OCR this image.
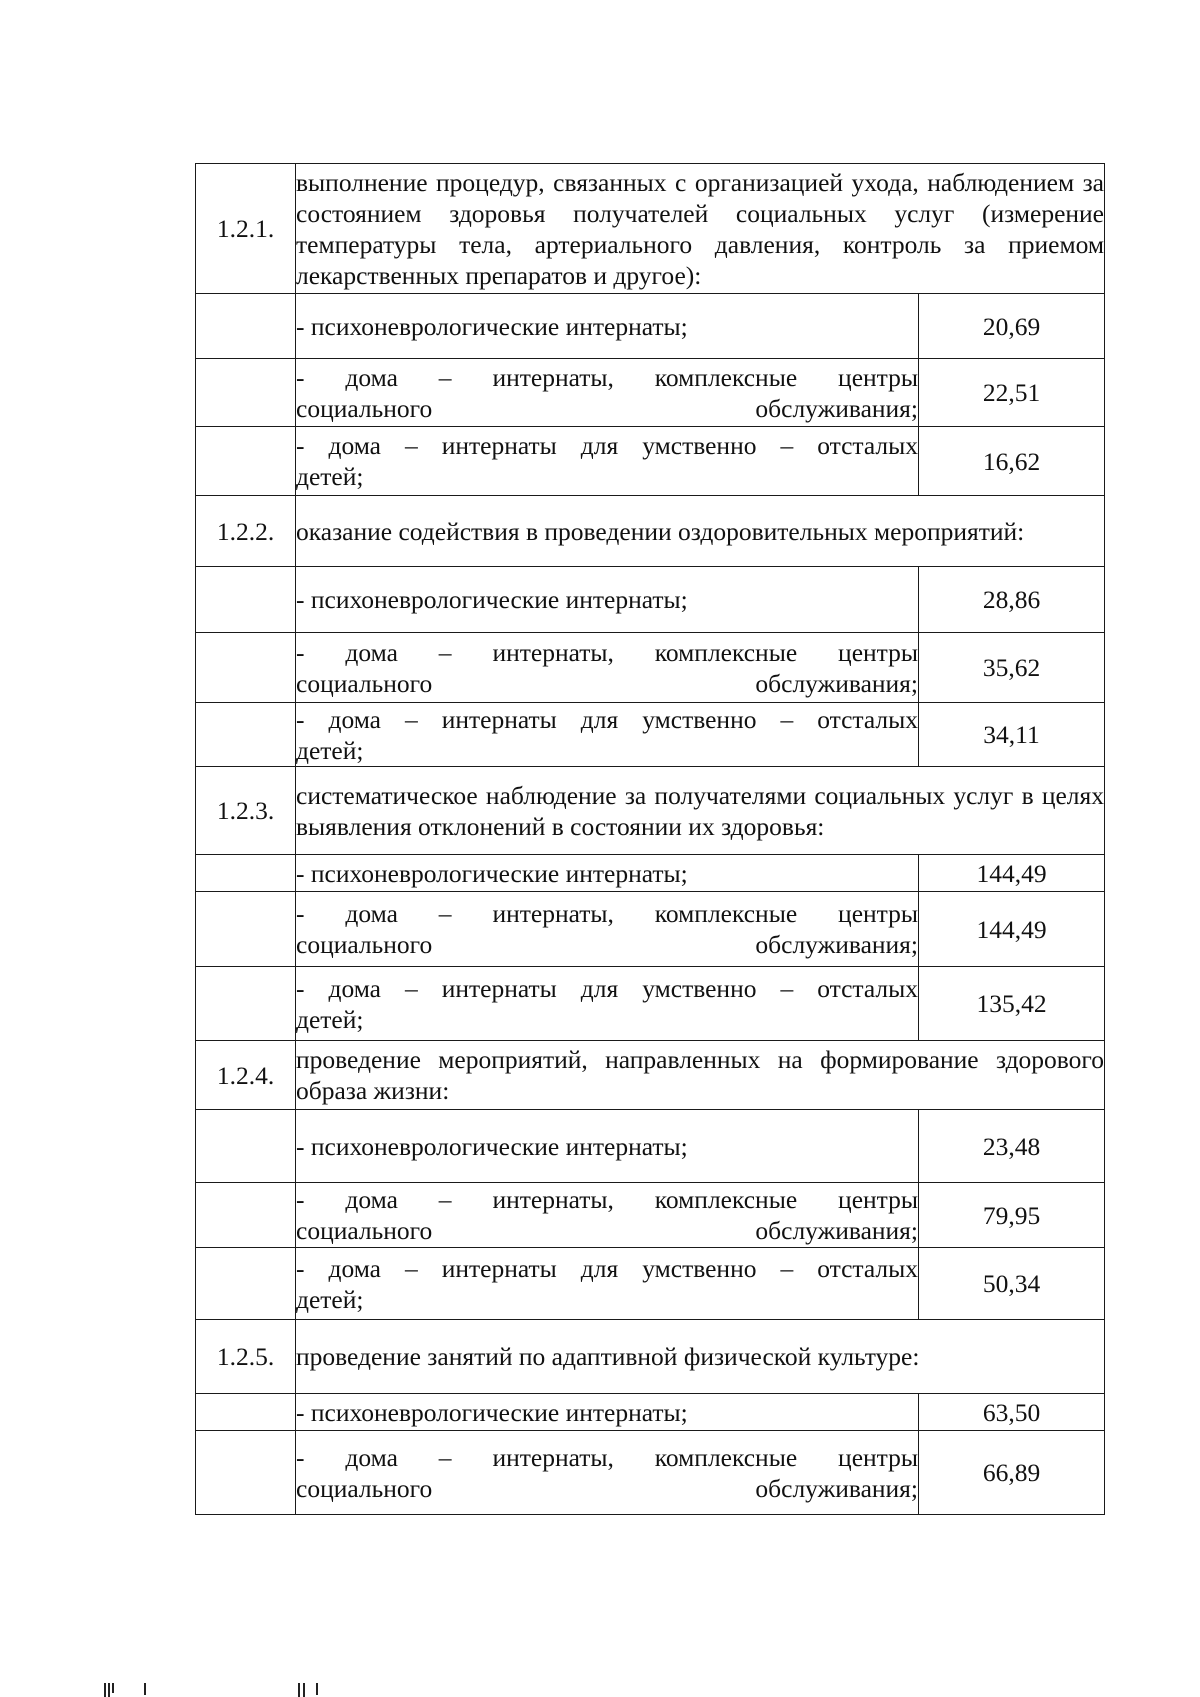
1.2.1.	выполнение процедур, связанных с организацией ухода, наблюдением за состоянием здоровья получателей социальных услуг (измерение температуры тела, артериального давления, контроль за приемом лекарственных препаратов и другое):	
	- психоневрологические интернаты;	20,69

	- дома – интернаты, комплексные центры
социального обслуживания;	22,51

	- дома – интернаты для умственно – отсталых
детей;	16,62
1.2.2.	оказание содействия в проведении оздоровительных мероприятий:	
	- психоневрологические интернаты;	28,86

	- дома – интернаты, комплексные центры
социального обслуживания;	35,62

	- дома – интернаты для умственно – отсталых
детей;	34,11
1.2.3.	систематическое наблюдение за получателями социальных услуг в целях выявления отклонений в состоянии их здоровья:	
	- психоневрологические интернаты;	144,49

	- дома – интернаты, комплексные центры
социального обслуживания;	144,49

	- дома – интернаты для умственно – отсталых
детей;	135,42
1.2.4.	проведение мероприятий, направленных на формирование здорового образа жизни:	
	- психоневрологические интернаты;	23,48

	- дома – интернаты, комплексные центры
социального обслуживания;	79,95

	- дома – интернаты для умственно – отсталых
детей;	50,34
1.2.5.	проведение занятий по адаптивной физической культуре:	
	- психоневрологические интернаты;	63,50

	- дома – интернаты, комплексные центры
социального обслуживания;	66,89
